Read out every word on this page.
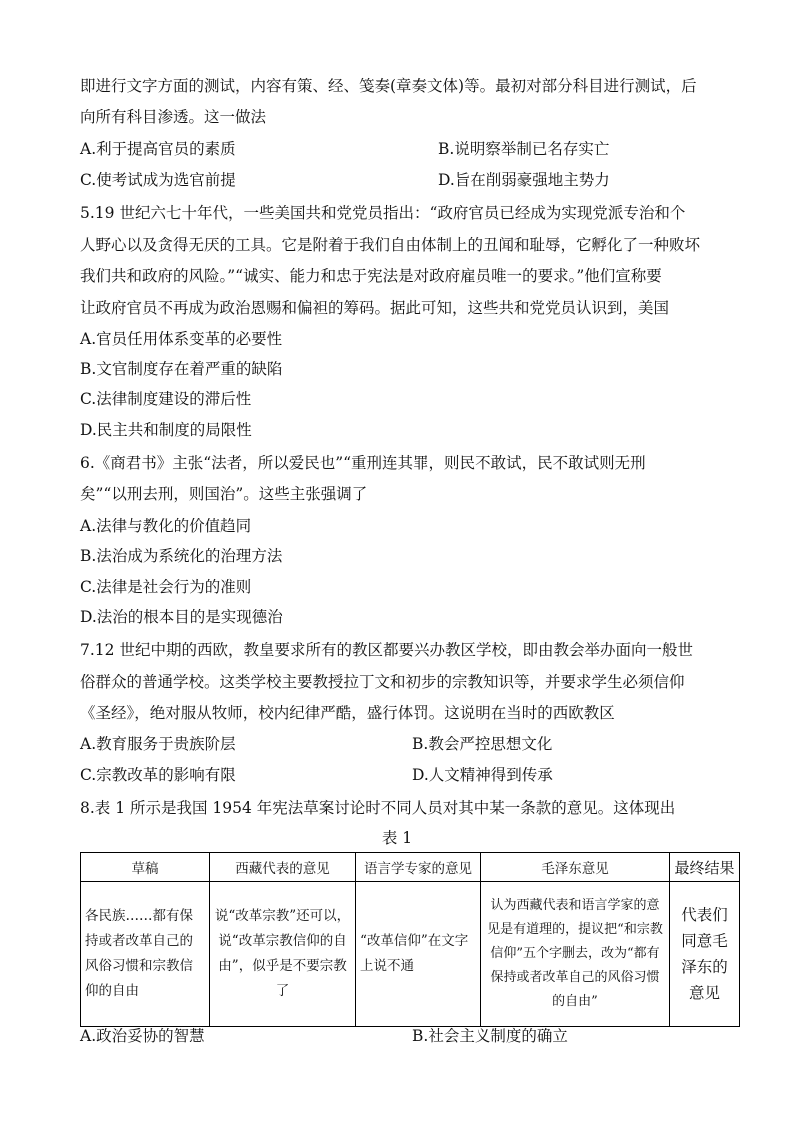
即进行文字方面的测试，内容有策、经、笺奏(章奏文体)等。最初对部分科目进行测试，后
向所有科目渗透。这一做法
A.利于提高官员的素质	B.说明察举制已名存实亡
C.使考试成为选官前提	D.旨在削弱豪强地主势力
5.19 世纪六七十年代，一些美国共和党党员指出：“政府官员已经成为实现党派专治和个
人野心以及贪得无厌的工具。它是附着于我们自由体制上的丑闻和耻辱，它孵化了一种败坏
我们共和政府的风险。”“诚实、能力和忠于宪法是对政府雇员唯一的要求。”他们宣称要
让政府官员不再成为政治恩赐和偏袒的筹码。据此可知，这些共和党党员认识到，美国
A.官员任用体系变革的必要性
B.文官制度存在着严重的缺陷
C.法律制度建设的滞后性
D.民主共和制度的局限性
6.《商君书》主张“法者，所以爱民也”“重刑连其罪，则民不敢试，民不敢试则无刑
矣”“以刑去刑，则国治”。这些主张强调了
A.法律与教化的价值趋同
B.法治成为系统化的治理方法
C.法律是社会行为的准则
D.法治的根本目的是实现德治
7.12 世纪中期的西欧，教皇要求所有的教区都要兴办教区学校，即由教会举办面向一般世
俗群众的普通学校。这类学校主要教授拉丁文和初步的宗教知识等，并要求学生必须信仰
《圣经》，绝对服从牧师，校内纪律严酷，盛行体罚。这说明在当时的西欧教区
A.教育服务于贵族阶层	B.教会严控思想文化
C.宗教改革的影响有限	D.人文精神得到传承
8.表 1 所示是我国 1954 年宪法草案讨论时不同人员对其中某一条款的意见。这体现出
表 1
草稿	西藏代表的意见	语言学专家的意见	毛泽东意见	最终结果
各民族……都有保持或者改革自己的风俗习惯和宗教信仰的自由	说“改革宗教”还可以，说“改革宗教信仰的自由”，似乎是不要宗教了	“改革信仰”在文字上说不通	认为西藏代表和语言学家的意见是有道理的，提议把“和宗教信仰”五个字删去，改为“都有保持或者改革自己的风俗习惯的自由”	代表们同意毛泽东的意见
A.政治妥协的智慧	B.社会主义制度的确立
